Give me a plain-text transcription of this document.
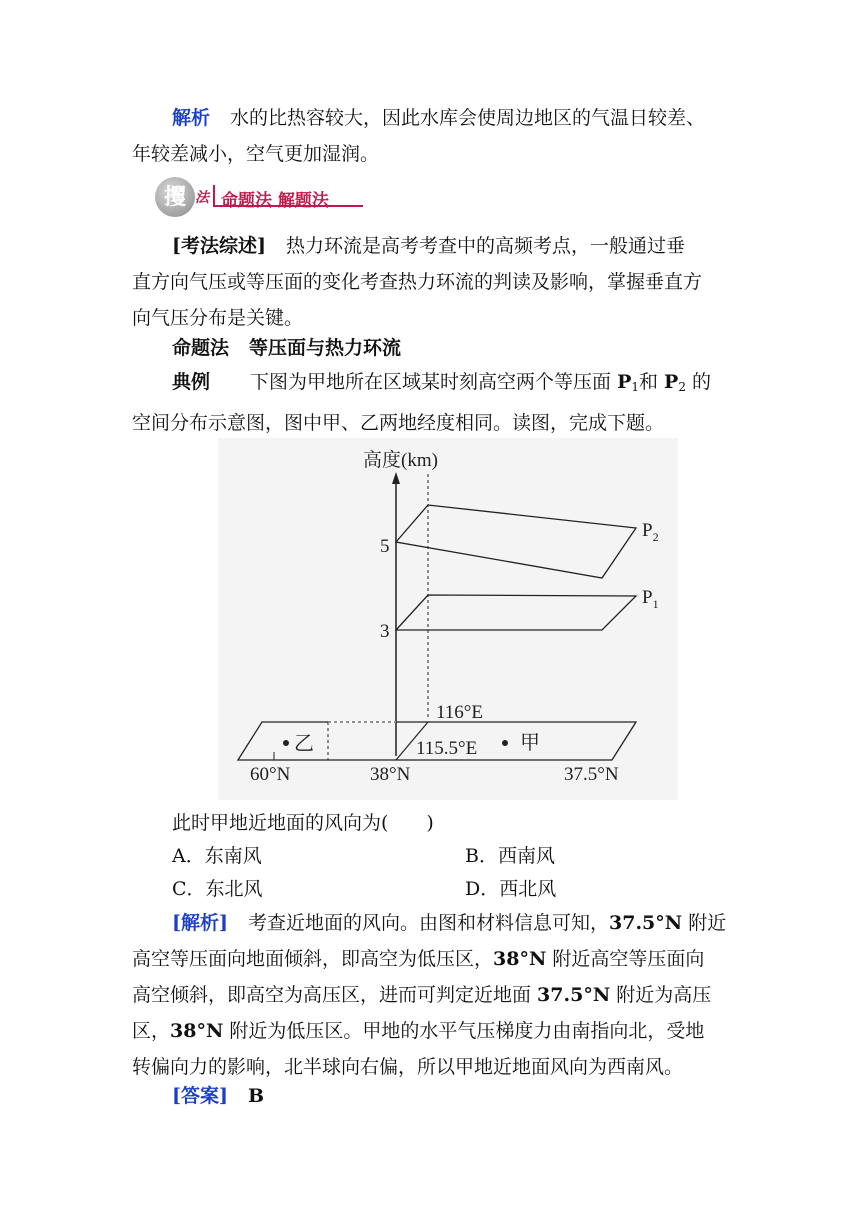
解析 水的比热容较大，因此水库会使周边地区的气温日较差、
年较差减小，空气更加湿润。
攫 法 命题法 解题法
[考法综述] 热力环流是高考考查中的高频考点，一般通过垂
直方向气压或等压面的变化考查热力环流的判读及影响，掌握垂直方
向气压分布是关键。
命题法 等压面与热力环流
典例 下图为甲地所在区域某时刻高空两个等压面 $P_1$和 $P_2$ 的
空间分布示意图，图中甲、乙两地经度相同。读图，完成下题。
高度(km)
5
3
$P_2$
$P_1$
116°E
115.5°E
乙	甲
60°N	38°N	37.5°N
此时甲地近地面的风向为(　　)
A．东南风	B．西南风
C．东北风	D．西北风
[解析] 考查近地面的风向。由图和材料信息可知，37.5°N 附近
高空等压面向地面倾斜，即高空为低压区，38°N 附近高空等压面向
高空倾斜，即高空为高压区，进而可判定近地面 37.5°N 附近为高压
区，38°N 附近为低压区。甲地的水平气压梯度力由南指向北，受地
转偏向力的影响，北半球向右偏，所以甲地近地面风向为西南风。
[答案] B
